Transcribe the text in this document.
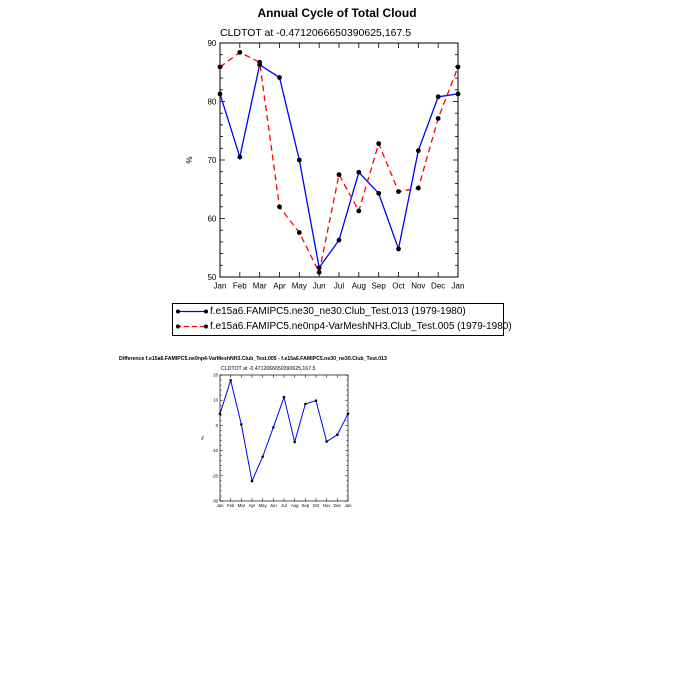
Annual Cycle of Total Cloud
CLDTOT at -0.4712066650390625,167.5
%
Difference f.e15a6.FAMIPC5.ne0np4-VarMeshNH3.Club_Test.005 - f.e15a6.FAMIPC5.ne30_ne30.Club_Test.013
CLDTOT at -0.4712066650390625,167.5
%
50
60
70
80
90
Jan Feb Mar Apr May Jun Jul Aug Sep Oct Nov Dec Jan
-30
-20
-10
0
10
20
Jan Feb Mar Apr May Jun Jul Aug Sep Oct Nov Dec Jan
f.e15a6.FAMIPC5.ne30_ne30.Club_Test.013 (1979-1980)
f.e15a6.FAMIPC5.ne0np4-VarMeshNH3.Club_Test.005 (1979-1980)
